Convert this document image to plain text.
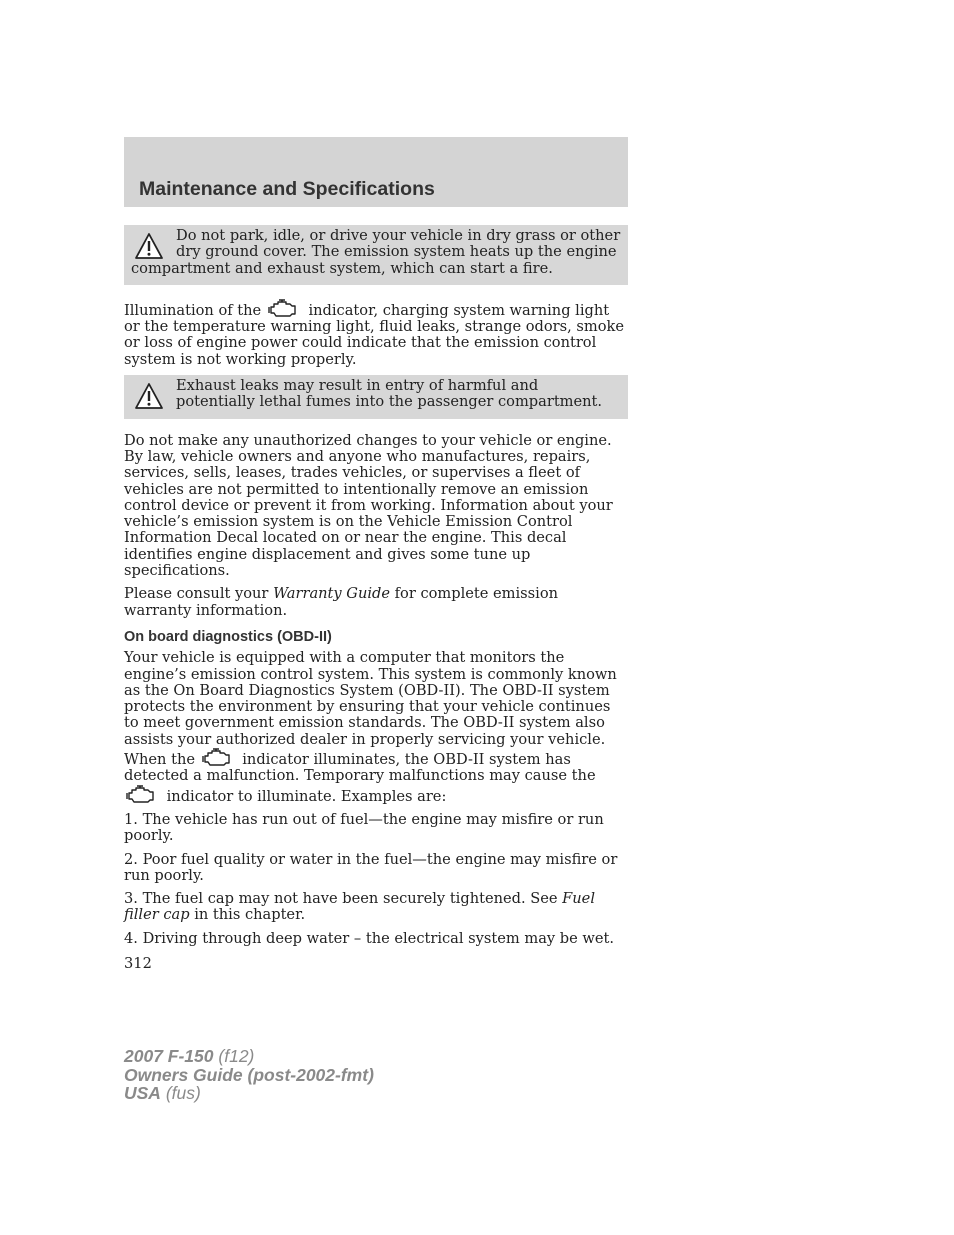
Maintenance and Specifications

Do not park, idle, or drive your vehicle in dry grass or other dry ground cover. The emission system heats up the engine compartment and exhaust system, which can start a fire.

Illumination of the	indicator, charging system warning light or the temperature warning light, fluid leaks, strange odors, smoke or loss of engine power could indicate that the emission control system is not working properly.

Exhaust leaks may result in entry of harmful and potentially lethal fumes into the passenger compartment.

Do not make any unauthorized changes to your vehicle or engine. By law, vehicle owners and anyone who manufactures, repairs, services, sells, leases, trades vehicles, or supervises a fleet of vehicles are not permitted to intentionally remove an emission control device or prevent it from working. Information about your vehicle’s emission system is on the Vehicle Emission Control Information Decal located on or near the engine. This decal identifies engine displacement and gives some tune up specifications.

Please consult your Warranty Guide for complete emission warranty information.

On board diagnostics (OBD-II)

Your vehicle is equipped with a computer that monitors the engine’s emission control system. This system is commonly known as the On Board Diagnostics System (OBD-II). The OBD-II system protects the environment by ensuring that your vehicle continues to meet government emission standards. The OBD-II system also assists your authorized dealer in properly servicing your vehicle. When the	indicator illuminates, the OBD-II system has detected a malfunction. Temporary malfunctions may cause the  indicator to illuminate. Examples are:

1. The vehicle has run out of fuel—the engine may misfire or run poorly.

2. Poor fuel quality or water in the fuel—the engine may misfire or run poorly.

3. The fuel cap may not have been securely tightened. See Fuel filler cap in this chapter.

4. Driving through deep water – the electrical system may be wet.

312
2007 F-150 (f12)
Owners Guide (post-2002-fmt)
USA (fus)
